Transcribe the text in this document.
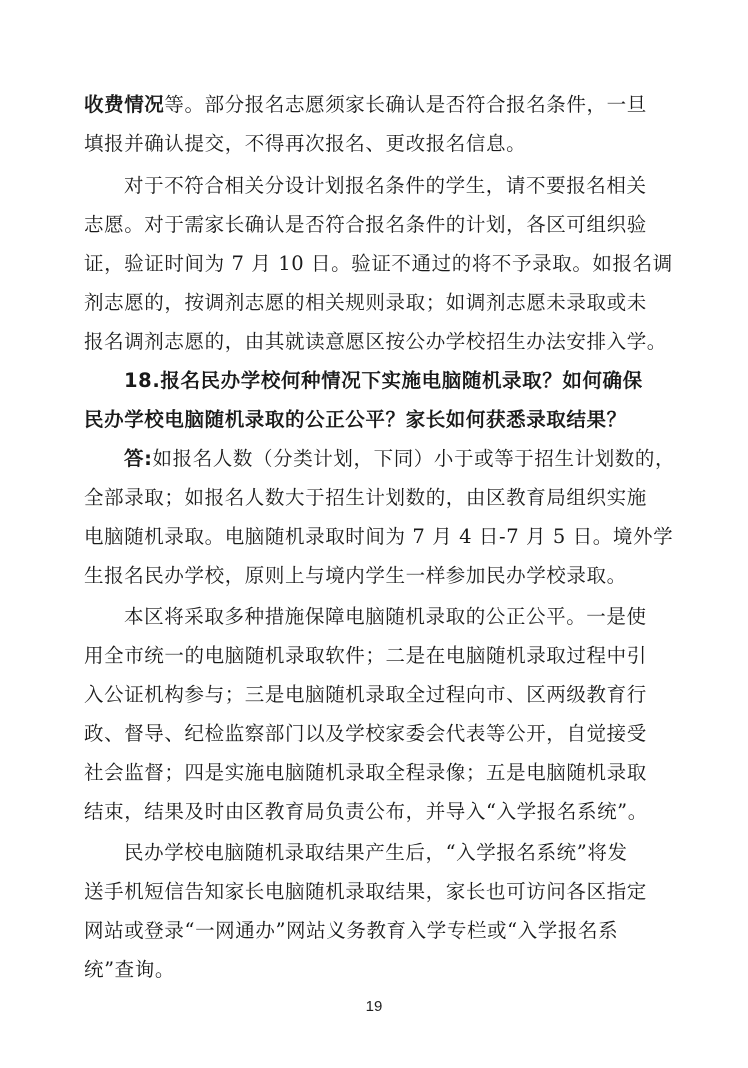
收费情况等。部分报名志愿须家长确认是否符合报名条件，一旦
填报并确认提交，不得再次报名、更改报名信息。
对于不符合相关分设计划报名条件的学生，请不要报名相关
志愿。对于需家长确认是否符合报名条件的计划，各区可组织验
证，验证时间为 7 月 10 日。验证不通过的将不予录取。如报名调
剂志愿的，按调剂志愿的相关规则录取；如调剂志愿未录取或未
报名调剂志愿的，由其就读意愿区按公办学校招生办法安排入学。
18.报名民办学校何种情况下实施电脑随机录取？如何确保
民办学校电脑随机录取的公正公平？家长如何获悉录取结果？
答:如报名人数（分类计划，下同）小于或等于招生计划数的，
全部录取；如报名人数大于招生计划数的，由区教育局组织实施
电脑随机录取。电脑随机录取时间为 7 月 4 日-7 月 5 日。境外学
生报名民办学校，原则上与境内学生一样参加民办学校录取。
本区将采取多种措施保障电脑随机录取的公正公平。一是使
用全市统一的电脑随机录取软件；二是在电脑随机录取过程中引
入公证机构参与；三是电脑随机录取全过程向市、区两级教育行
政、督导、纪检监察部门以及学校家委会代表等公开，自觉接受
社会监督；四是实施电脑随机录取全程录像；五是电脑随机录取
结束，结果及时由区教育局负责公布，并导入“入学报名系统”。
民办学校电脑随机录取结果产生后，“入学报名系统”将发
送手机短信告知家长电脑随机录取结果，家长也可访问各区指定
网站或登录“一网通办”网站义务教育入学专栏或“入学报名系
统”查询。
19
